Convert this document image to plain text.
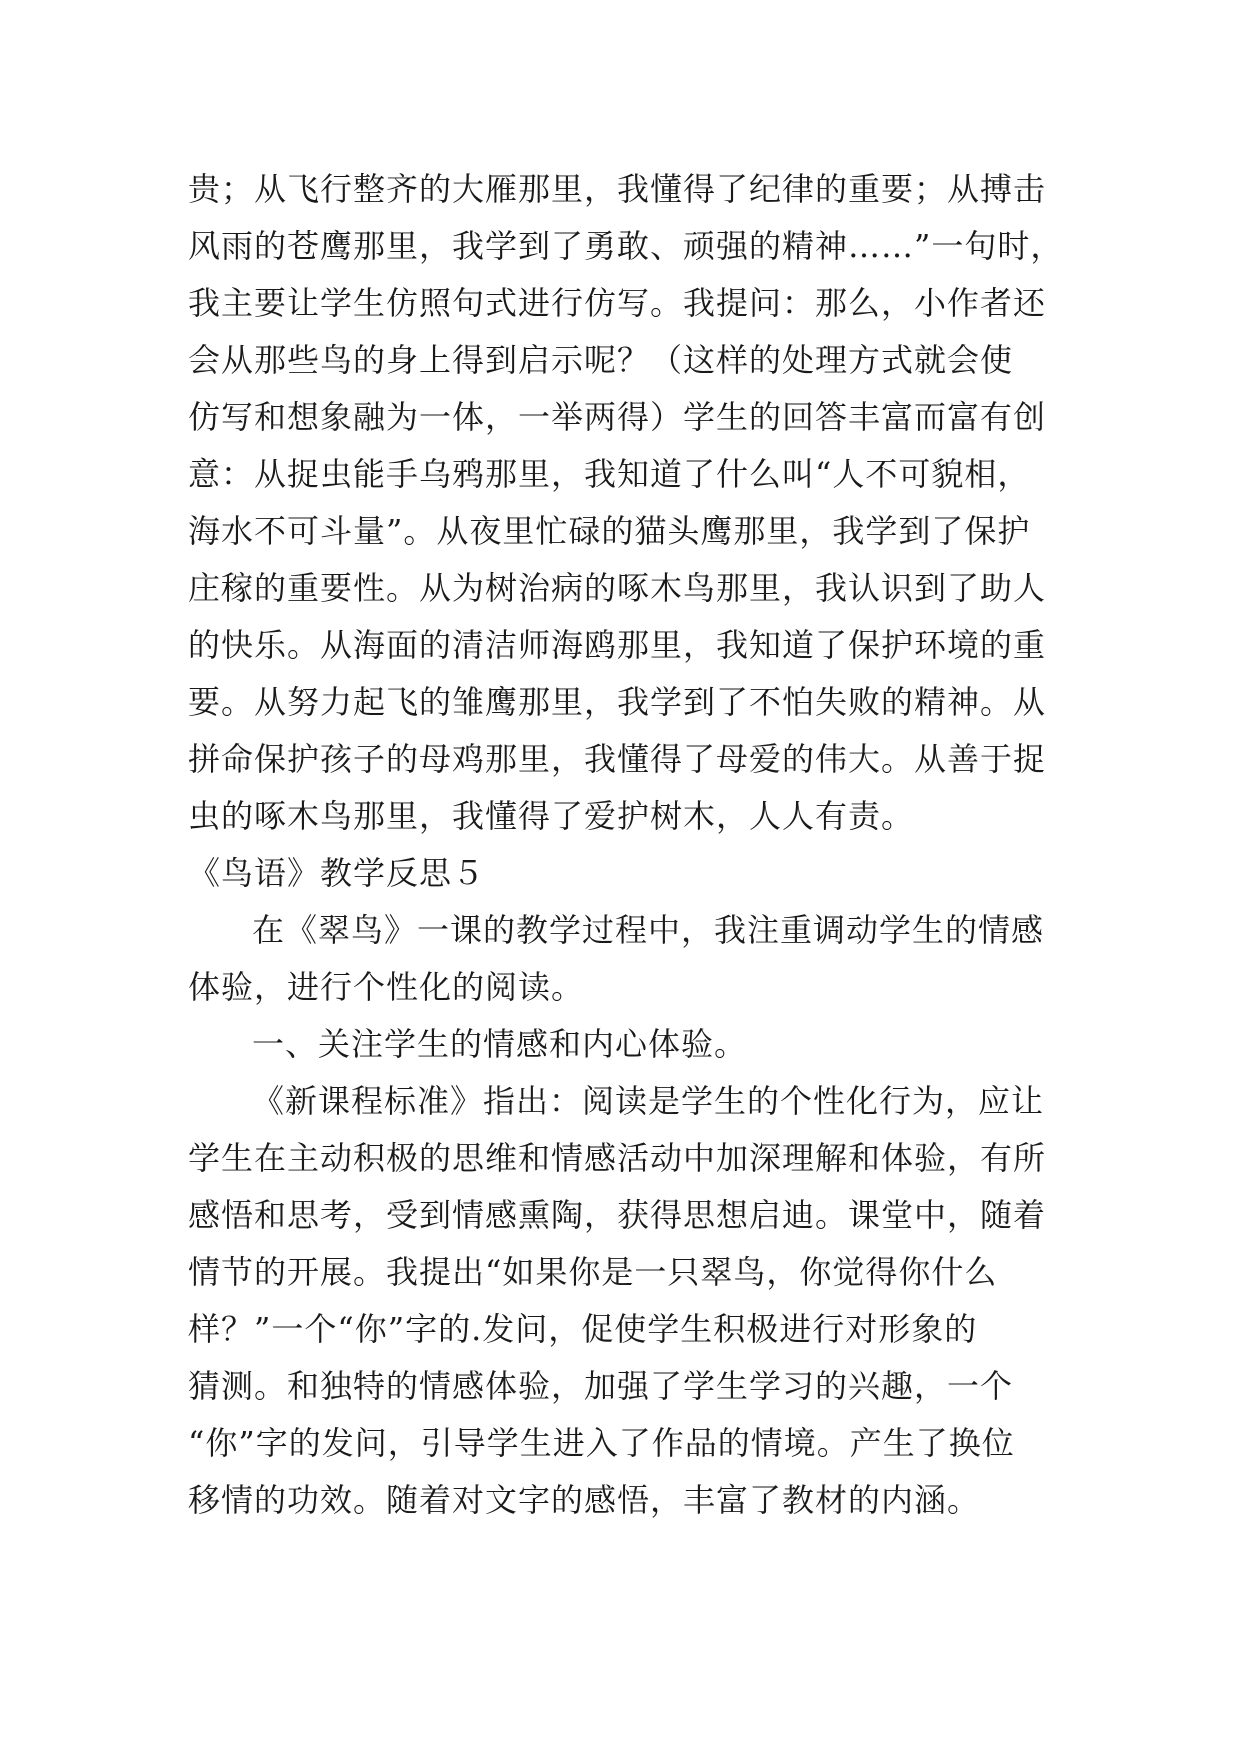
贵；从飞行整齐的大雁那里，我懂得了纪律的重要；从搏击
风雨的苍鹰那里，我学到了勇敢、顽强的精神……”一句时，
我主要让学生仿照句式进行仿写。我提问：那么，小作者还
会从那些鸟的身上得到启示呢？（这样的处理方式就会使
仿写和想象融为一体，一举两得）学生的回答丰富而富有创
意：从捉虫能手乌鸦那里，我知道了什么叫“人不可貌相，
海水不可斗量”。从夜里忙碌的猫头鹰那里，我学到了保护
庄稼的重要性。从为树治病的啄木鸟那里，我认识到了助人
的快乐。从海面的清洁师海鸥那里，我知道了保护环境的重
要。从努力起飞的雏鹰那里，我学到了不怕失败的精神。从
拼命保护孩子的母鸡那里，我懂得了母爱的伟大。从善于捉
虫的啄木鸟那里，我懂得了爱护树木，人人有责。
《鸟语》教学反思５
在《翠鸟》一课的教学过程中，我注重调动学生的情感
体验，进行个性化的阅读。
一、关注学生的情感和内心体验。
《新课程标准》指出：阅读是学生的个性化行为，应让
学生在主动积极的思维和情感活动中加深理解和体验，有所
感悟和思考，受到情感熏陶，获得思想启迪。课堂中，随着
情节的开展。我提出“如果你是一只翠鸟，你觉得你什么
样？”一个“你”字的.发问，促使学生积极进行对形象的
猜测。和独特的情感体验，加强了学生学习的兴趣，一个
“你”字的发问，引导学生进入了作品的情境。产生了换位
移情的功效。随着对文字的感悟，丰富了教材的内涵。
